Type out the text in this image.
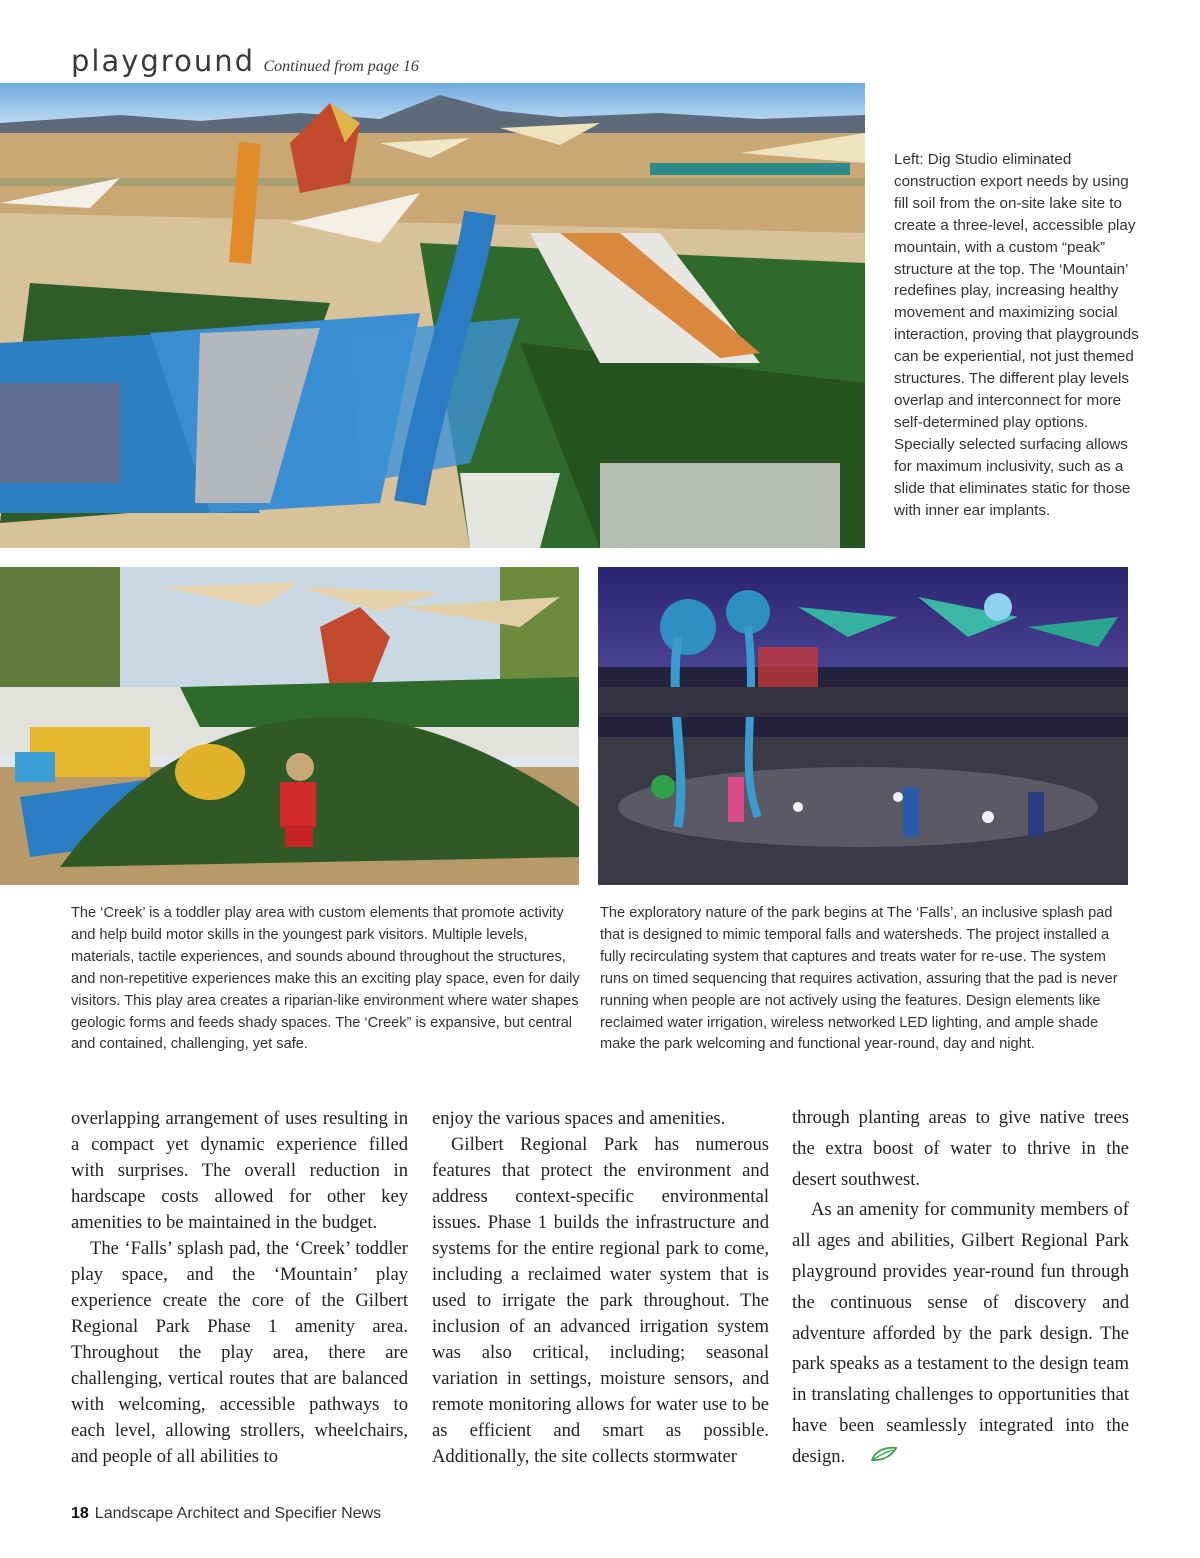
playground Continued from page 16
Left: Dig Studio eliminated construction export needs by using fill soil from the on-site lake site to create a three-level, accessible play mountain, with a custom “peak” structure at the top. The ‘Mountain’ redefines play, increasing healthy movement and maximizing social interaction, proving that playgrounds can be experiential, not just themed structures. The different play levels overlap and interconnect for more self-determined play options. Specially selected surfacing allows for maximum inclusivity, such as a slide that eliminates static for those with inner ear implants.
The ‘Creek’ is a toddler play area with custom elements that promote activity and help build motor skills in the youngest park visitors. Multiple levels, materials, tactile experiences, and sounds abound throughout the structures, and non-repetitive experiences make this an exciting play space, even for daily visitors. This play area creates a riparian-like environment where water shapes geologic forms and feeds shady spaces. The ‘Creek” is expansive, but central and contained, challenging, yet safe.
The exploratory nature of the park begins at The ‘Falls’, an inclusive splash pad that is designed to mimic temporal falls and watersheds. The project installed a fully recirculating system that captures and treats water for re-use. The system runs on timed sequencing that requires activation, assuring that the pad is never running when people are not actively using the features. Design elements like reclaimed water irrigation, wireless networked LED lighting, and ample shade make the park welcoming and functional year-round, day and night.

overlapping arrangement of uses resulting in a compact yet dynamic experience filled with surprises. The overall reduction in hardscape costs allowed for other key amenities to be maintained in the budget.

The ‘Falls’ splash pad, the ‘Creek’ toddler play space, and the ‘Mountain’ play experience create the core of the Gilbert Regional Park Phase 1 amenity area. Throughout the play area, there are challenging, vertical routes that are balanced with welcoming, accessible pathways to each level, allowing strollers, wheelchairs, and people of all abilities to

enjoy the various spaces and amenities.

Gilbert Regional Park has numerous features that protect the environment and address context-specific environmental issues. Phase 1 builds the infrastructure and systems for the entire regional park to come, including a reclaimed water system that is used to irrigate the park throughout. The inclusion of an advanced irrigation system was also critical, including; seasonal variation in settings, moisture sensors, and remote monitoring allows for water use to be as efficient and smart as possible. Additionally, the site collects stormwater

through planting areas to give native trees the extra boost of water to thrive in the desert southwest.

As an amenity for community members of all ages and abilities, Gilbert Regional Park playground provides year-round fun through the continuous sense of discovery and adventure afforded by the park design. The park speaks as a testament to the design team in translating challenges to opportunities that have been seamlessly integrated into the design.

18 Landscape Architect and Specifier News
